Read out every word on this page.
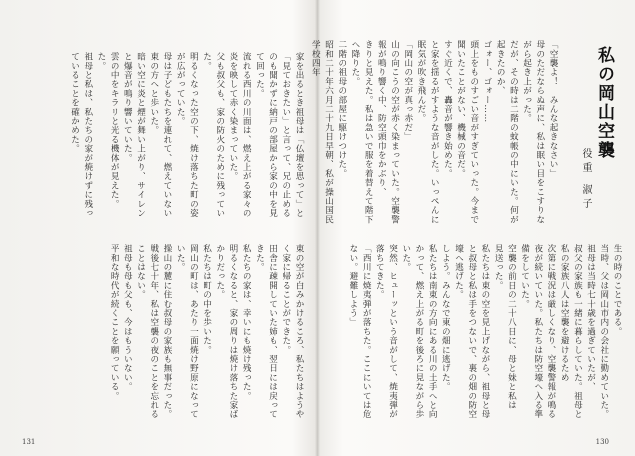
家を出るとき祖母は「仏壇を思って」と「見ておきたい」と言って、兄の止めるのも聞かずに納戸の部屋から家の中を見て回った。
流れる西川の川面は、燃え上がる家々の炎を映して赤く染まっていた。
父も叔父も、家の防火のために残っていた。
明るくなった空の下、焼け落ちた町の姿が広がっていた。
母は子どもたちを連れて、燃えていない東の方へと歩いた。
暗い空に炎と煙が舞い上がり、サイレンと爆音が鳴り響いていた。
雲の中をキラリと光る機体が見えた。
た。
祖母と私は、私たちの家が焼けずに残っていることを確かめた。
東の空が白みかけるころ、私たちはようやく家に帰ることができた。
田舎に疎開していた姉も、翌日には戻ってきた。
私たちの家は、幸いにも焼け残った。
明るくなると、家の周りは焼け落ちた家ばかりだった。
私たちは町の中を歩いた。
岡山の町は、あたり一面焼け野原になっていた。
操山の麓に住む叔母の家族も無事だった。
戦後七十年、私は空襲の夜のことを忘れることはない。
祖母も母も父も、今はもういない。
平和な時代が続くことを願っている。
131
私の岡山空襲
役重淑子
「空襲よ！　みんな起きなさい」
母のただならぬ声に、私は眠い目をこすりながら起き上がった。
だが、その時は二階の蚊帳の中にいた。何が起きたのか、
ゴォー、ゴォー……
頭上をものすごい音がすぎていった。今まで聞いたことがない、機械の音だ。
すぐ近くで、轟音が響き始めた。
と家を揺るがすような音がした。いっぺんに眠気が吹き飛んだ。
「岡山の空が真っ赤だ」
山の向こうの空が赤く染まっていた。空襲警報が鳴り響く中、防空頭巾をかぶり、
きりと見えた。私は急いで服を着替えて階下へ降りた。
二階の祖母の部屋に駆けつけた。
昭和二十年六月二十九日早朝、私が操山国民学校四年
生の時のことである。
当時、父は岡山市内の会社に勤めていた。祖母は当時七十歳を過ぎていたが、
叔父の家族も一緒に暮らしていた。祖母と私の家族八人は空襲を避けるため
次第に戦況は厳しくなり、空襲警報が鳴る夜が続いていた。私たちは防空壕へ入る準備をしていた。
空襲の前日の二十八日に、母と妹と私は
見送った。
私たちは東の空を見上げながら、祖母と母と叔母と私は手をつないで、裏の畑の防空壕へ逃げた。
しよう。みんなで東の畑に逃げた。
私たちは南東の方向にある川の土手へと向かって、燃え上がる町を後ろに見ながら歩いた。
突然、ヒューッという音がして、焼夷弾が落ちてきた。
「西川に焼夷弾が落ちた。ここにいては危ない。避難しよう」
130
